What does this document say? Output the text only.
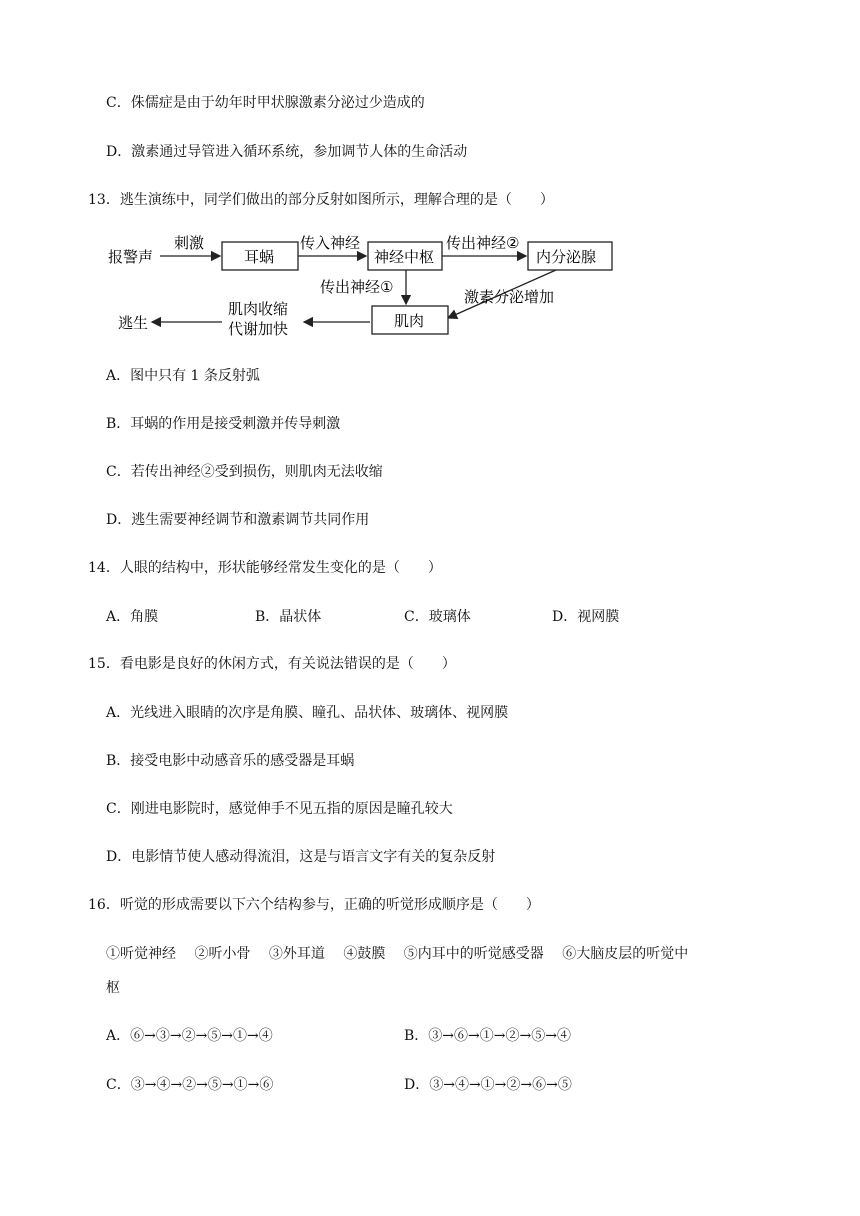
C．侏儒症是由于幼年时甲状腺激素分泌过少造成的
D．激素通过导管进入循环系统，参加调节人体的生命活动
13．逃生演练中，同学们做出的部分反射如图所示，理解合理的是（　　）
报警声
刺激
耳蜗
传入神经
神经中枢
传出神经②
内分泌腺
传出神经①
激素分泌增加
肌肉
肌肉收缩
代谢加快
逃生
A．图中只有 1 条反射弧
B．耳蜗的作用是接受刺激并传导刺激
C．若传出神经②受到损伤，则肌肉无法收缩
D．逃生需要神经调节和激素调节共同作用
14．人眼的结构中，形状能够经常发生变化的是（　　）
A．角膜	B．晶状体	C．玻璃体	D．视网膜
15．看电影是良好的休闲方式，有关说法错误的是（　　）
A．光线进入眼睛的次序是角膜、瞳孔、品状体、玻璃体、视网膜
B．接受电影中动感音乐的感受器是耳蜗
C．刚进电影院时，感觉伸手不见五指的原因是瞳孔较大
D．电影情节使人感动得流泪，这是与语言文字有关的复杂反射
16．听觉的形成需要以下六个结构参与，正确的听觉形成顺序是（　　）
①听觉神经　 ②听小骨　 ③外耳道　 ④鼓膜　 ⑤内耳中的听觉感受器　 ⑥大脑皮层的听觉中
枢
A．⑥→③→②→⑤→①→④	B．③→⑥→①→②→⑤→④
C．③→④→②→⑤→①→⑥	D．③→④→①→②→⑥→⑤
